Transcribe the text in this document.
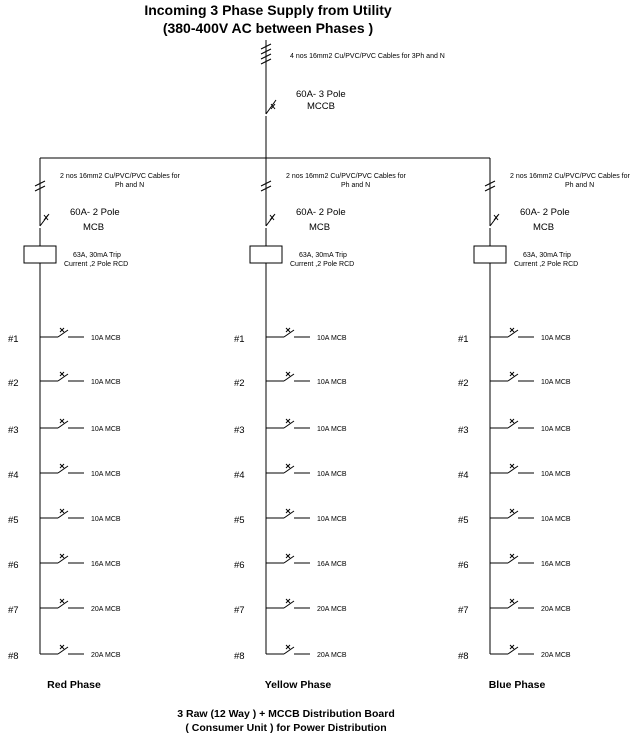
Incoming 3 Phase Supply from Utility
(380-400V AC between Phases )
4 nos 16mm2 Cu/PVC/PVC Cables for 3Ph and N
60A- 3 Pole
MCCB
2 nos 16mm2 Cu/PVC/PVC Cables for
Ph and N
60A- 2 Pole
MCB
63A, 30mA Trip
Current ,2 Pole RCD
#1	10A MCB
#2	10A MCB
#3	10A MCB
#4	10A MCB
#5	10A MCB
#6	16A MCB
#7	20A MCB
#8	20A MCB
Red Phase
2 nos 16mm2 Cu/PVC/PVC Cables for
Ph and N
60A- 2 Pole
MCB
63A, 30mA Trip
Current ,2 Pole RCD
#1	10A MCB
#2	10A MCB
#3	10A MCB
#4	10A MCB
#5	10A MCB
#6	16A MCB
#7	20A MCB
#8	20A MCB
Yellow Phase
2 nos 16mm2 Cu/PVC/PVC Cables for
Ph and N
60A- 2 Pole
MCB
63A, 30mA Trip
Current ,2 Pole RCD
#1	10A MCB
#2	10A MCB
#3	10A MCB
#4	10A MCB
#5	10A MCB
#6	16A MCB
#7	20A MCB
#8	20A MCB
Blue Phase
3 Raw (12 Way ) + MCCB Distribution Board
( Consumer Unit ) for Power Distribution
